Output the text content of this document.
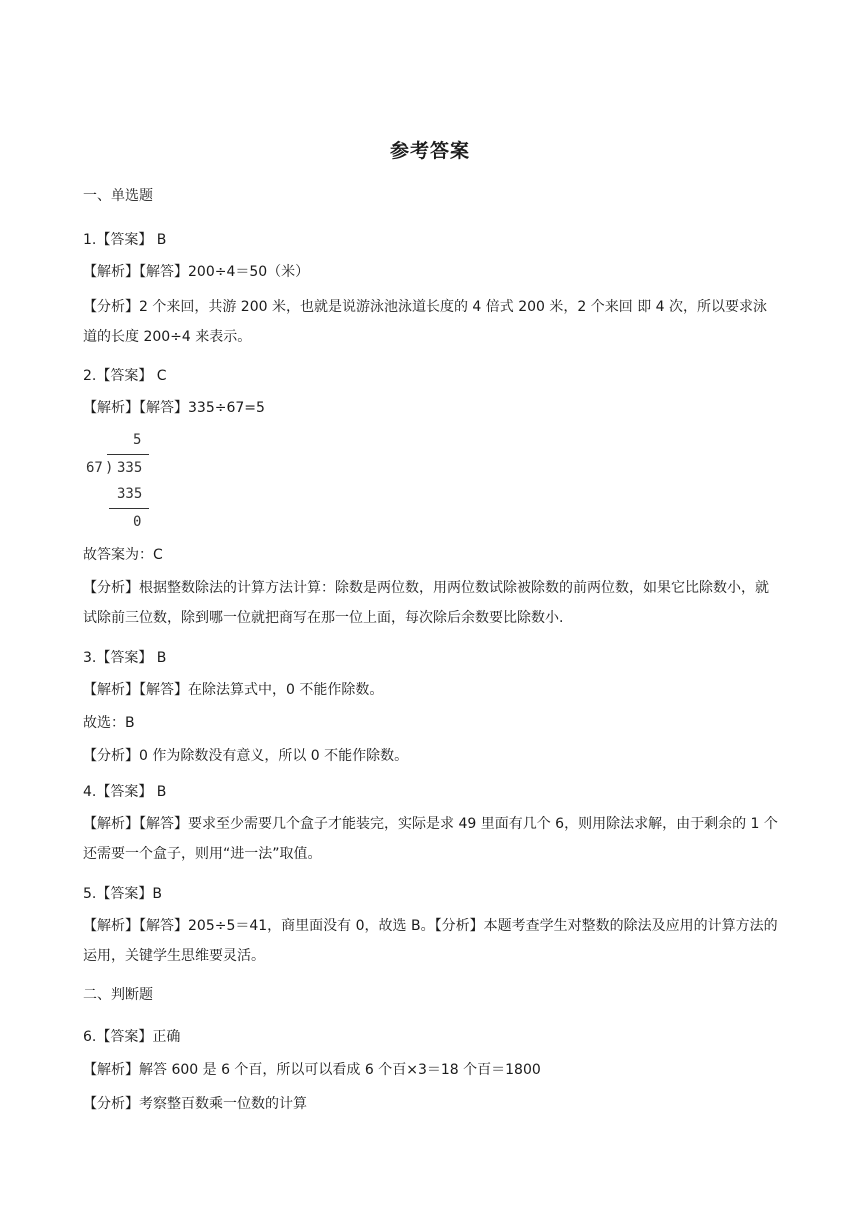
参考答案
一、单选题
1.【答案】 B
【解析】【解答】200÷4＝50（米）
【分析】2 个来回，共游 200 米，也就是说游泳池泳道长度的 4 倍式 200 米，2 个来回 即 4 次，所以要求泳道的长度 200÷4 来表示。
2.【答案】 C
【解析】【解答】335÷67=5
5
67 ) 335
335
0
故答案为：C
【分析】根据整数除法的计算方法计算：除数是两位数，用两位数试除被除数的前两位数，如果它比除数小，就试除前三位数，除到哪一位就把商写在那一位上面，每次除后余数要比除数小.
3.【答案】 B
【解析】【解答】在除法算式中，0 不能作除数。
故选：B
【分析】0 作为除数没有意义，所以 0 不能作除数。
4.【答案】 B
【解析】【解答】要求至少需要几个盒子才能装完，实际是求 49 里面有几个 6，则用除法求解，由于剩余的 1 个还需要一个盒子，则用“进一法”取值。
5.【答案】B
【解析】【解答】205÷5＝41，商里面没有 0，故选 B。【分析】本题考查学生对整数的除法及应用的计算方法的运用，关键学生思维要灵活。
二、判断题
6.【答案】正确
【解析】解答 600 是 6 个百，所以可以看成 6 个百×3＝18 个百＝1800
【分析】考察整百数乘一位数的计算
